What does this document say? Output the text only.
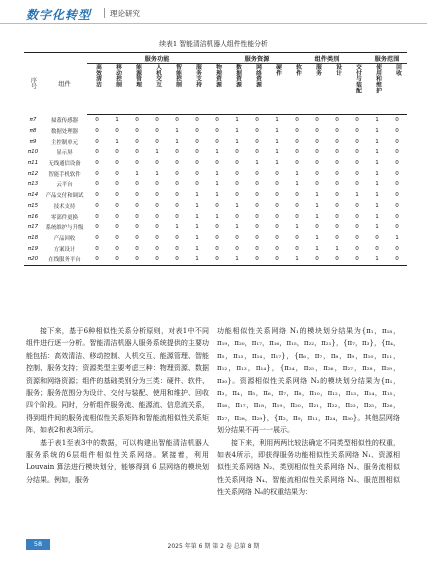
数字化转型	理论研究
续表1 智能清洁机器人组件性能分析
序号	组件	服务功能							服务资源			组件类别				服务范围	
		高效清洁	移动控制	能源管理	人机交互	智能控制	服务支持	物理资源	数据资源	网络资源	硬件	软件	服务	设计	交付与装配	使用和维护	回收
π7	掃蓋传感器	0	1	0	0	0	0	0	1	0	1	0	0	0	0	1	0
π8	数据处理器	0	0	0	0	1	0	0	1	0	1	0	0	0	0	1	0
π9	主控制单元	0	1	0	0	1	0	0	1	0	1	0	0	0	0	1	0
π10	显示屏	0	0	0	1	0	0	1	0	0	1	0	0	0	0	1	0
π11	无线通信设备	0	0	0	0	0	0	0	0	1	1	0	0	0	0	1	0
π12	智能手机软件	0	0	1	1	0	0	1	0	0	0	1	0	0	0	1	0
π13	云平台	0	0	0	0	0	0	1	0	0	0	1	0	0	0	1	0
π14	产品交付和调试	0	0	0	0	0	1	1	0	0	0	0	1	0	1	1	0
π15	技术支持	0	0	0	0	0	1	0	1	0	0	0	1	0	0	1	0
π16	零部件更换	0	0	0	0	0	1	1	0	0	0	0	1	0	0	1	0
π17	系统维护与升级	0	0	0	0	1	1	0	1	0	0	1	0	0	0	1	0
π18	产品回收	0	0	0	0	0	1	0	0	0	0	0	1	0	0	0	1
π19	方案设计	0	0	0	0	0	1	0	0	0	0	0	1	1	0	0	0
π20	在线服务平台	0	0	0	0	0	1	0	1	0	0	1	0	0	0	1	0

接下来，基于6种相似性关系分析原则，对表1中不同组件进行逐一分析。智能清洁机器人服务系统提供的主要功能包括：高效清洁、移动控制、人机交互、能源管理、智能控制、服务支持；资源类型主要考虑三种：物理资源、数据资源和网络资源；组件的基础类别分为三类：硬件、软件、服务；服务范围分为设计、交付与装配、使用和维护、回收四个阶段。同时，分析组件服务流、能源流、信息流关系，得到组件间的服务流相似性关系矩阵和智能流相似性关系矩阵，如表2和表3所示。

基于表1至表3中的数据，可以构建出智能清洁机器人服务系统的6层组件相似性关系网络。紧接着，利用 Louvain 算法进行模块划分，能够得到 6 层网络的模块划分结果。例如，服务

功能相似性关系网络 N₁的模块划分结果为{π₁，π₁₈，π₁₉，π₂₀，π₁₇，π₁₆，π₁₅，π₂₂，π₂₁}，{π₇，π₃}，{π₄，π₅，π₁₃，π₁₄，π₁₇}，{π₆，π₇，π₈，π₉，π₁₀，π₁₁，π₁₂，π₁₃，π₁₄}，{π₂₄，π₂₅，π₂₆，π₂₇，π₂₈，π₂₉，π₃₀}。资源相似性关系网络 N₂的模块划分结果为{π₁，π₃，π₄，π₅，π₆，π₇，π₈，π₁₀，π₁₂，π₁₃，π₁₄，π₁₅，π₁₆，π₁₇，π₁₈，π₁₉，π₂₀，π₂₁，π₂₂，π₂₃，π₂₅，π₂₆，π₂₇，π₂₈，π₂₉}，{π₂，π₉，π₁₁，π₂₄，π₃₀}。其他层网络划分结果不再一一展示。

接下来，利用两两比较法确定不同类型相似性的权重，如表4所示，即获得服务功能相似性关系网络 N₁、资源相似性关系网络 N₂、类别相似性关系网络 N₃、服务流相似性关系网络 N₄、智能流相似性关系网络 N₅、服范围相似性关系网络 N₆的权重结果为：

58	2025 年第 6 期 第 2 卷 总第 8 期
